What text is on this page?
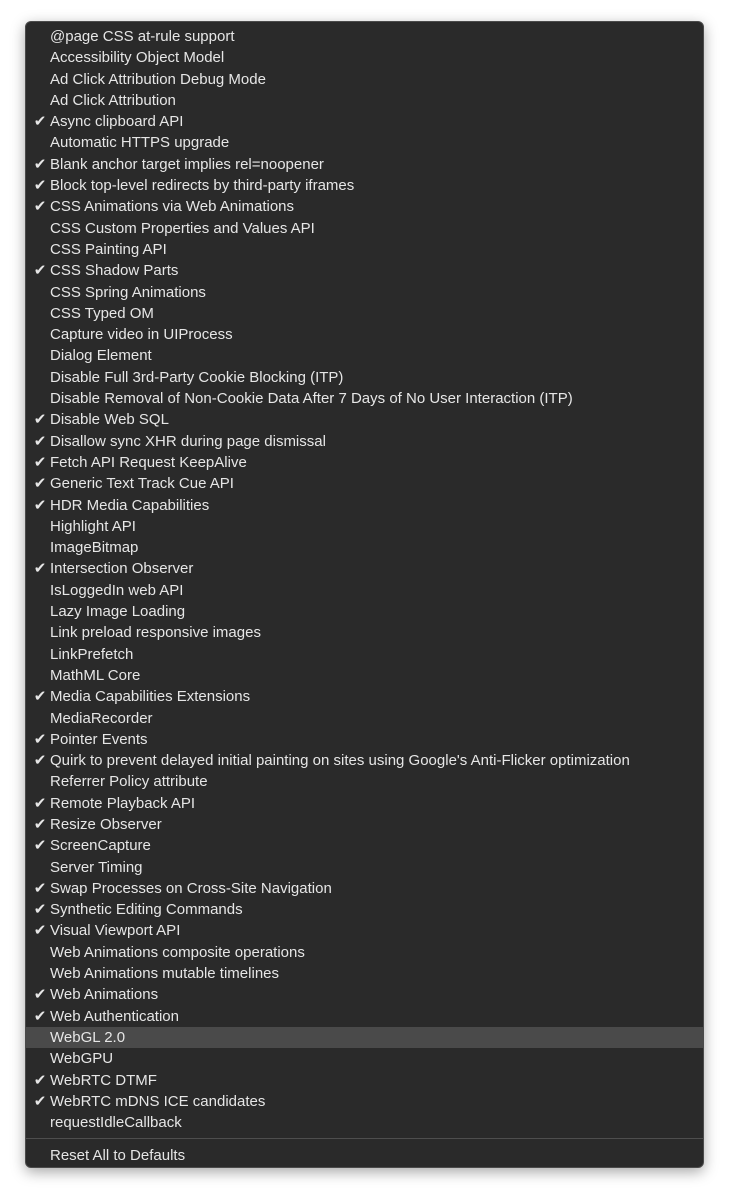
@page CSS at-rule support
Accessibility Object Model
Ad Click Attribution Debug Mode
Ad Click Attribution
✔ Async clipboard API
Automatic HTTPS upgrade
✔ Blank anchor target implies rel=noopener
✔ Block top-level redirects by third-party iframes
✔ CSS Animations via Web Animations
CSS Custom Properties and Values API
CSS Painting API
✔ CSS Shadow Parts
CSS Spring Animations
CSS Typed OM
Capture video in UIProcess
Dialog Element
Disable Full 3rd-Party Cookie Blocking (ITP)
Disable Removal of Non-Cookie Data After 7 Days of No User Interaction (ITP)
✔ Disable Web SQL
✔ Disallow sync XHR during page dismissal
✔ Fetch API Request KeepAlive
✔ Generic Text Track Cue API
✔ HDR Media Capabilities
Highlight API
ImageBitmap
✔ Intersection Observer
IsLoggedIn web API
Lazy Image Loading
Link preload responsive images
LinkPrefetch
MathML Core
✔ Media Capabilities Extensions
MediaRecorder
✔ Pointer Events
✔ Quirk to prevent delayed initial painting on sites using Google's Anti-Flicker optimization
Referrer Policy attribute
✔ Remote Playback API
✔ Resize Observer
✔ ScreenCapture
Server Timing
✔ Swap Processes on Cross-Site Navigation
✔ Synthetic Editing Commands
✔ Visual Viewport API
Web Animations composite operations
Web Animations mutable timelines
✔ Web Animations
✔ Web Authentication
WebGL 2.0
WebGPU
✔ WebRTC DTMF
✔ WebRTC mDNS ICE candidates
requestIdleCallback
Reset All to Defaults
